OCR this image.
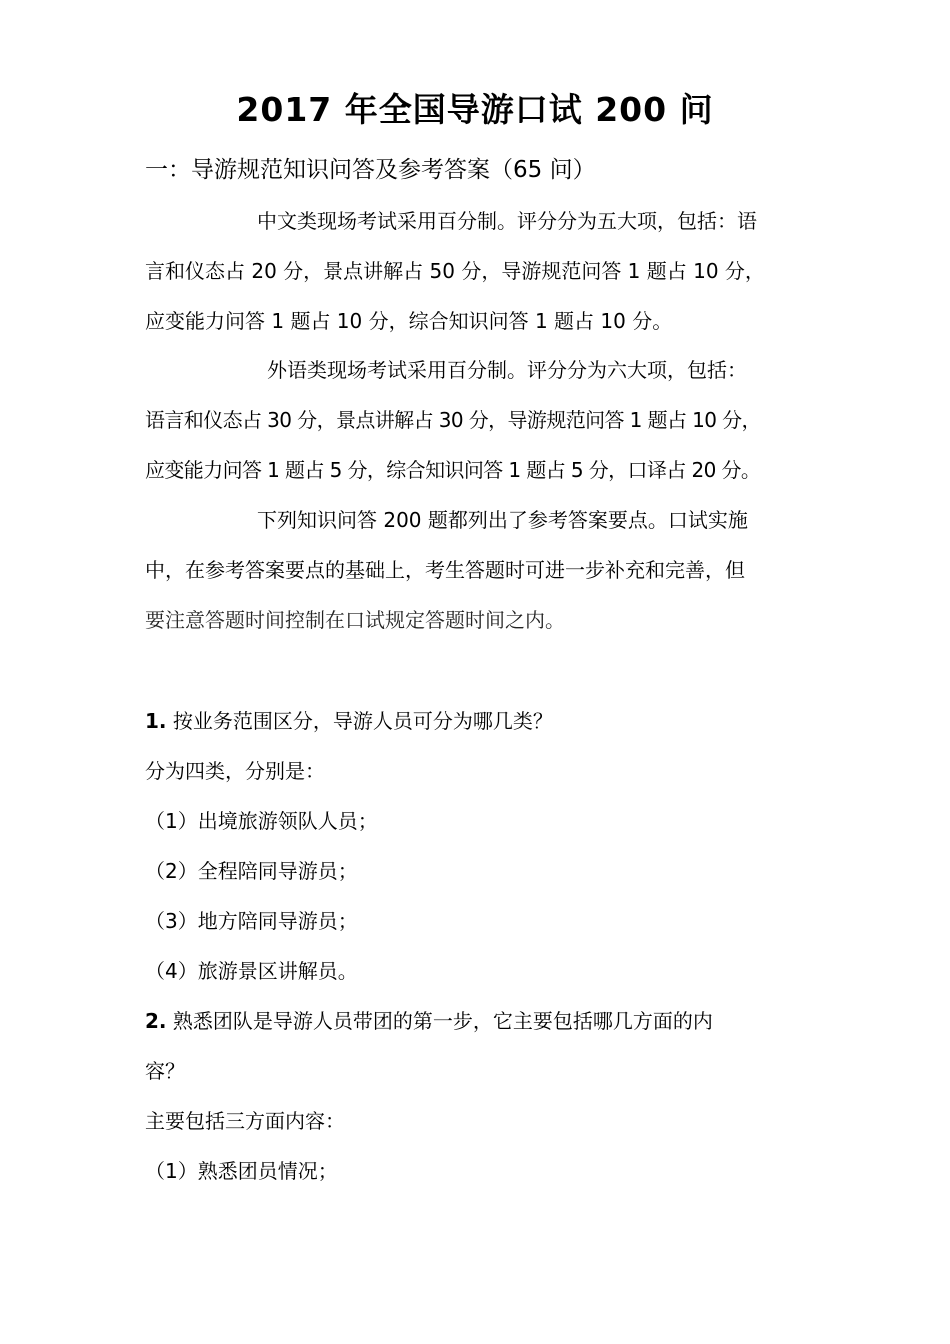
2017 年全国导游口试 200 问
一：导游规范知识问答及参考答案（65 问）
中文类现场考试采用百分制。评分分为五大项，包括：语
言和仪态占 20 分，景点讲解占 50 分，导游规范问答 1 题占 10 分，
应变能力问答 1 题占 10 分，综合知识问答 1 题占 10 分。
外语类现场考试采用百分制。评分分为六大项，包括：
语言和仪态占 30 分，景点讲解占 30 分，导游规范问答 1 题占 10 分，
应变能力问答 1 题占 5 分，综合知识问答 1 题占 5 分，口译占 20 分。
下列知识问答 200 题都列出了参考答案要点。口试实施
中，在参考答案要点的基础上，考生答题时可进一步补充和完善，但
要注意答题时间控制在口试规定答题时间之内。
1. 按业务范围区分，导游人员可分为哪几类？
分为四类，分别是：
（1）出境旅游领队人员；
（2）全程陪同导游员；
（3）地方陪同导游员；
（4）旅游景区讲解员。
2. 熟悉团队是导游人员带团的第一步，它主要包括哪几方面的内
容？
主要包括三方面内容：
（1）熟悉团员情况；
